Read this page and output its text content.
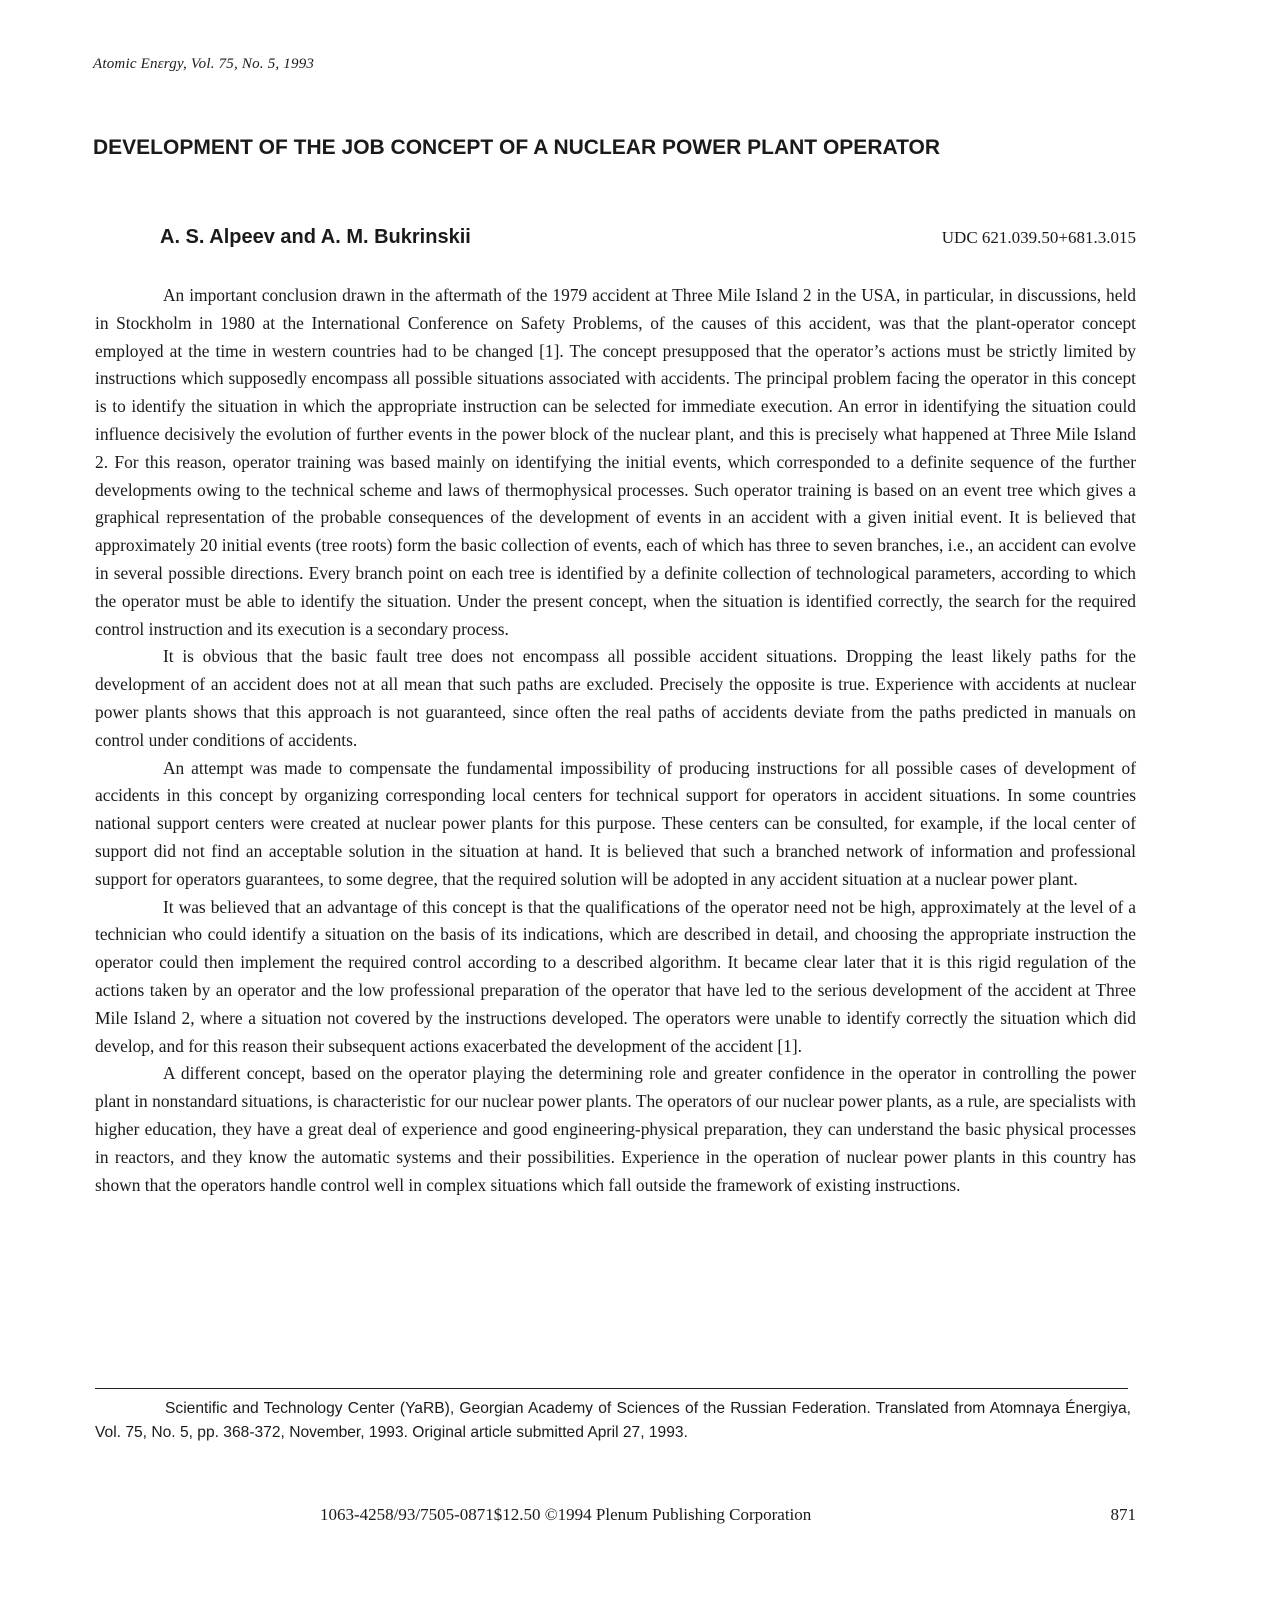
Atomic Enεrgy, Vol. 75, No. 5, 1993
DEVELOPMENT OF THE JOB CONCEPT OF A NUCLEAR POWER PLANT OPERATOR
A. S. Alpeev and A. M. Bukrinskii	UDC 621.039.50+681.3.015

An important conclusion drawn in the aftermath of the 1979 accident at Three Mile Island 2 in the USA, in particular, in discussions, held in Stockholm in 1980 at the International Conference on Safety Problems, of the causes of this accident, was that the plant-operator concept employed at the time in western countries had to be changed [1]. The concept presupposed that the operator’s actions must be strictly limited by instructions which supposedly encompass all possible situations associated with accidents. The principal problem facing the operator in this concept is to identify the situation in which the appropriate instruction can be selected for immediate execution. An error in identifying the situation could influence decisively the evolution of further events in the power block of the nuclear plant, and this is precisely what happened at Three Mile Island 2. For this reason, operator training was based mainly on identifying the initial events, which corresponded to a definite sequence of the further developments owing to the technical scheme and laws of thermophysical processes. Such operator training is based on an event tree which gives a graphical representation of the probable consequences of the development of events in an accident with a given initial event. It is believed that approximately 20 initial events (tree roots) form the basic collection of events, each of which has three to seven branches, i.e., an accident can evolve in several possible directions. Every branch point on each tree is identified by a definite collection of technological parameters, according to which the operator must be able to identify the situation. Under the present concept, when the situation is identified correctly, the search for the required control instruction and its execution is a secondary process.

It is obvious that the basic fault tree does not encompass all possible accident situations. Dropping the least likely paths for the development of an accident does not at all mean that such paths are excluded. Precisely the opposite is true. Experience with accidents at nuclear power plants shows that this approach is not guaranteed, since often the real paths of accidents deviate from the paths predicted in manuals on control under conditions of accidents.

An attempt was made to compensate the fundamental impossibility of producing instructions for all possible cases of development of accidents in this concept by organizing corresponding local centers for technical support for operators in accident situations. In some countries national support centers were created at nuclear power plants for this purpose. These centers can be consulted, for example, if the local center of support did not find an acceptable solution in the situation at hand. It is believed that such a branched network of information and professional support for operators guarantees, to some degree, that the required solution will be adopted in any accident situation at a nuclear power plant.

It was believed that an advantage of this concept is that the qualifications of the operator need not be high, approximately at the level of a technician who could identify a situation on the basis of its indications, which are described in detail, and choosing the appropriate instruction the operator could then implement the required control according to a described algorithm. It became clear later that it is this rigid regulation of the actions taken by an operator and the low professional preparation of the operator that have led to the serious development of the accident at Three Mile Island 2, where a situation not covered by the instructions developed. The operators were unable to identify correctly the situation which did develop, and for this reason their subsequent actions exacerbated the development of the accident [1].

A different concept, based on the operator playing the determining role and greater confidence in the operator in controlling the power plant in nonstandard situations, is characteristic for our nuclear power plants. The operators of our nuclear power plants, as a rule, are specialists with higher education, they have a great deal of experience and good engineering-physical preparation, they can understand the basic physical processes in reactors, and they know the automatic systems and their possibilities. Experience in the operation of nuclear power plants in this country has shown that the operators handle control well in complex situations which fall outside the framework of existing instructions.

Scientific and Technology Center (YaRB), Georgian Academy of Sciences of the Russian Federation. Translated from Atomnaya Énergiya, Vol. 75, No. 5, pp. 368-372, November, 1993. Original article submitted April 27, 1993.

1063-4258/93/7505-0871$12.50 ©1994 Plenum Publishing Corporation	871
